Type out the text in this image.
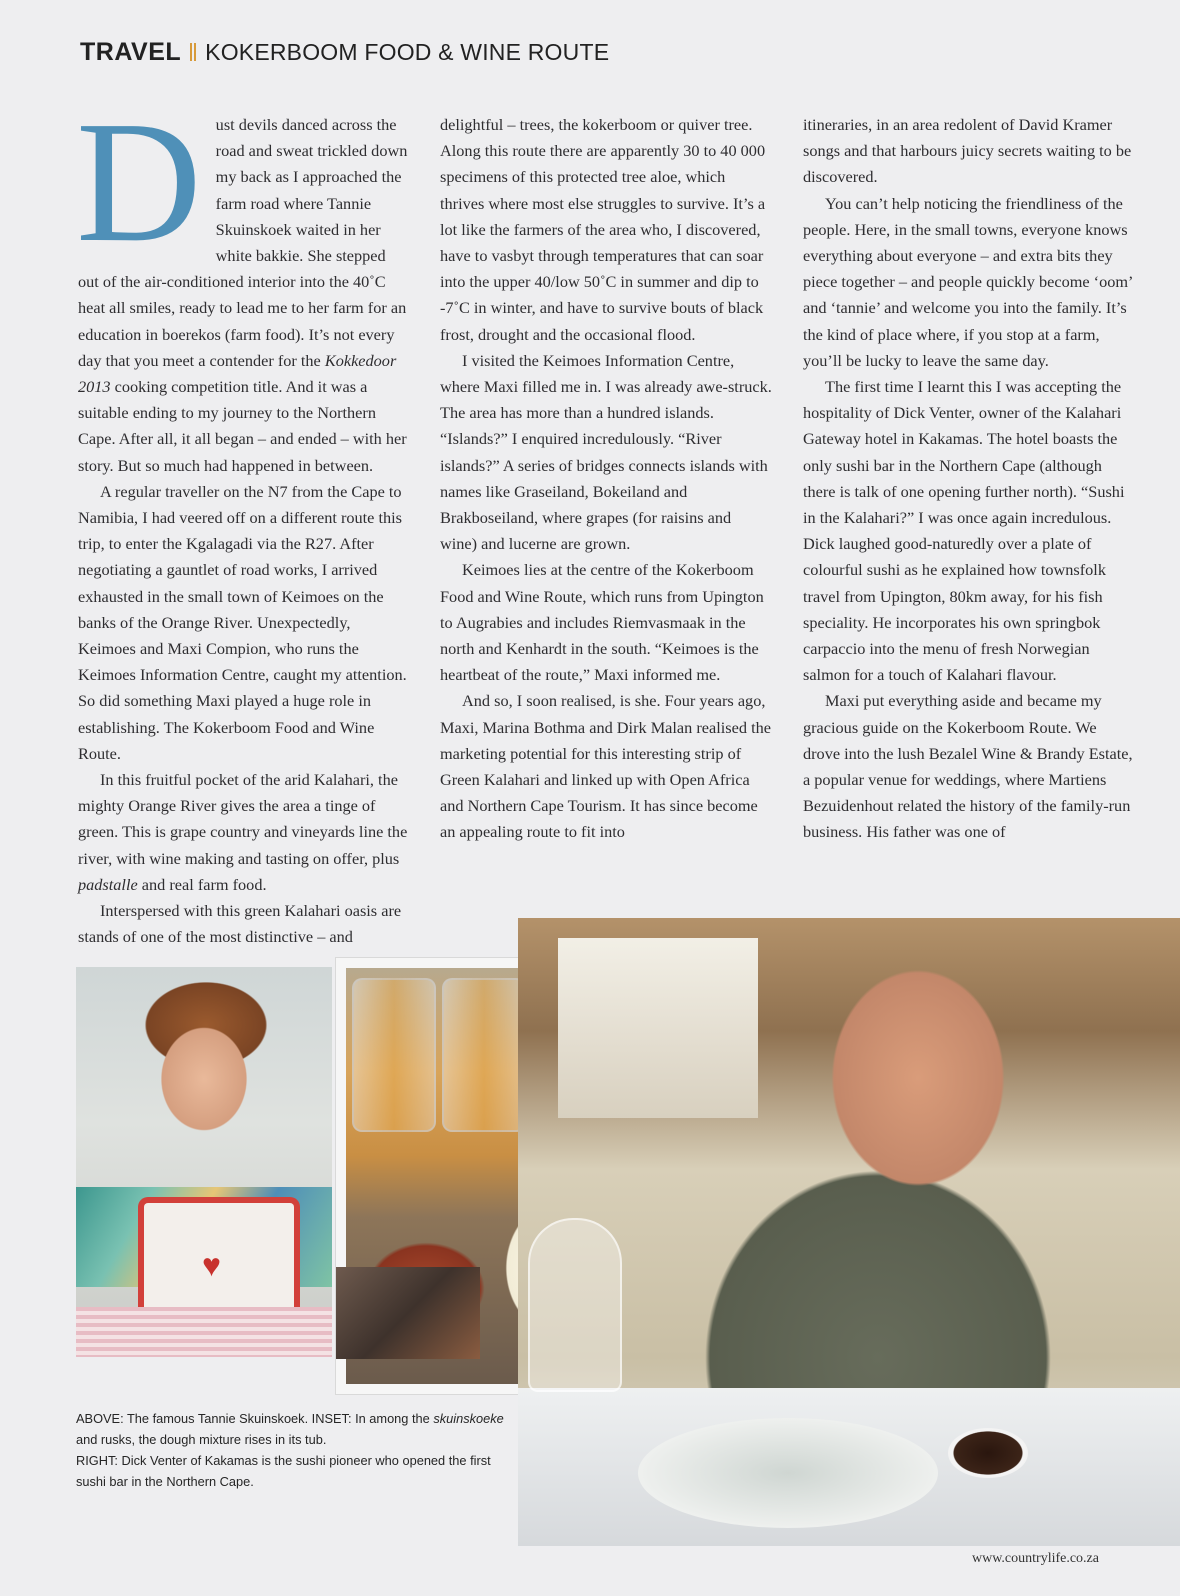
TRAVEL KOKERBOOM FOOD & WINE ROUTE
D ust devils danced across the road and sweat trickled down my back as I approached the farm road where Tannie Skuinskoek waited in her white bakkie. She stepped out of the air-conditioned interior into the 40˚C heat all smiles, ready to lead me to her farm for an education in boerekos (farm food). It’s not every day that you meet a contender for the Kokkedoor 2013 cooking competition title. And it was a suitable ending to my journey to the Northern Cape. After all, it all began – and ended – with her story. But so much had happened in between.

A regular traveller on the N7 from the Cape to Namibia, I had veered off on a different route this trip, to enter the Kgalagadi via the R27. After negotiating a gauntlet of road works, I arrived exhausted in the small town of Keimoes on the banks of the Orange River. Unexpectedly, Keimoes and Maxi Compion, who runs the Keimoes Information Centre, caught my attention. So did something Maxi played a huge role in establishing. The Kokerboom Food and Wine Route.

In this fruitful pocket of the arid Kalahari, the mighty Orange River gives the area a tinge of green. This is grape country and vineyards line the river, with wine making and tasting on offer, plus padstalle and real farm food.

Interspersed with this green Kalahari oasis are stands of one of the most distinctive – and

delightful – trees, the kokerboom or quiver tree. Along this route there are apparently 30 to 40 000 specimens of this protected tree aloe, which thrives where most else struggles to survive. It’s a lot like the farmers of the area who, I discovered, have to vasbyt through temperatures that can soar into the upper 40/low 50˚C in summer and dip to -7˚C in winter, and have to survive bouts of black frost, drought and the occasional flood.

I visited the Keimoes Information Centre, where Maxi filled me in. I was already awe-struck. The area has more than a hundred islands. “Islands?” I enquired incredulously. “River islands?” A series of bridges connects islands with names like Graseiland, Bokeiland and Brakboseiland, where grapes (for raisins and wine) and lucerne are grown.

Keimoes lies at the centre of the Kokerboom Food and Wine Route, which runs from Upington to Augrabies and includes Riemvasmaak in the north and Kenhardt in the south. “Keimoes is the heartbeat of the route,” Maxi informed me.

And so, I soon realised, is she. Four years ago, Maxi, Marina Bothma and Dirk Malan realised the marketing potential for this interesting strip of Green Kalahari and linked up with Open Africa and Northern Cape Tourism. It has since become an appealing route to fit into

itineraries, in an area redolent of David Kramer songs and that harbours juicy secrets waiting to be discovered.

You can’t help noticing the friendliness of the people. Here, in the small towns, everyone knows everything about everyone – and extra bits they piece together – and people quickly become ‘oom’ and ‘tannie’ and welcome you into the family. It’s the kind of place where, if you stop at a farm, you’ll be lucky to leave the same day.

The first time I learnt this I was accepting the hospitality of Dick Venter, owner of the Kalahari Gateway hotel in Kakamas. The hotel boasts the only sushi bar in the Northern Cape (although there is talk of one opening further north). “Sushi in the Kalahari?” I was once again incredulous. Dick laughed good-naturedly over a plate of colourful sushi as he explained how townsfolk travel from Upington, 80km away, for his fish speciality. He incorporates his own springbok carpaccio into the menu of fresh Norwegian salmon for a touch of Kalahari flavour.

Maxi put everything aside and became my gracious guide on the Kokerboom Route. We drove into the lush Bezalel Wine & Brandy Estate, a popular venue for weddings, where Martiens Bezuidenhout related the history of the family-run business. His father was one of

♥

ABOVE: The famous Tannie Skuinskoek. INSET: In among the skuinskoeke and rusks, the dough mixture rises in its tub.

RIGHT: Dick Venter of Kakamas is the sushi pioneer who opened the first sushi bar in the Northern Cape.

www.countrylife.co.za
